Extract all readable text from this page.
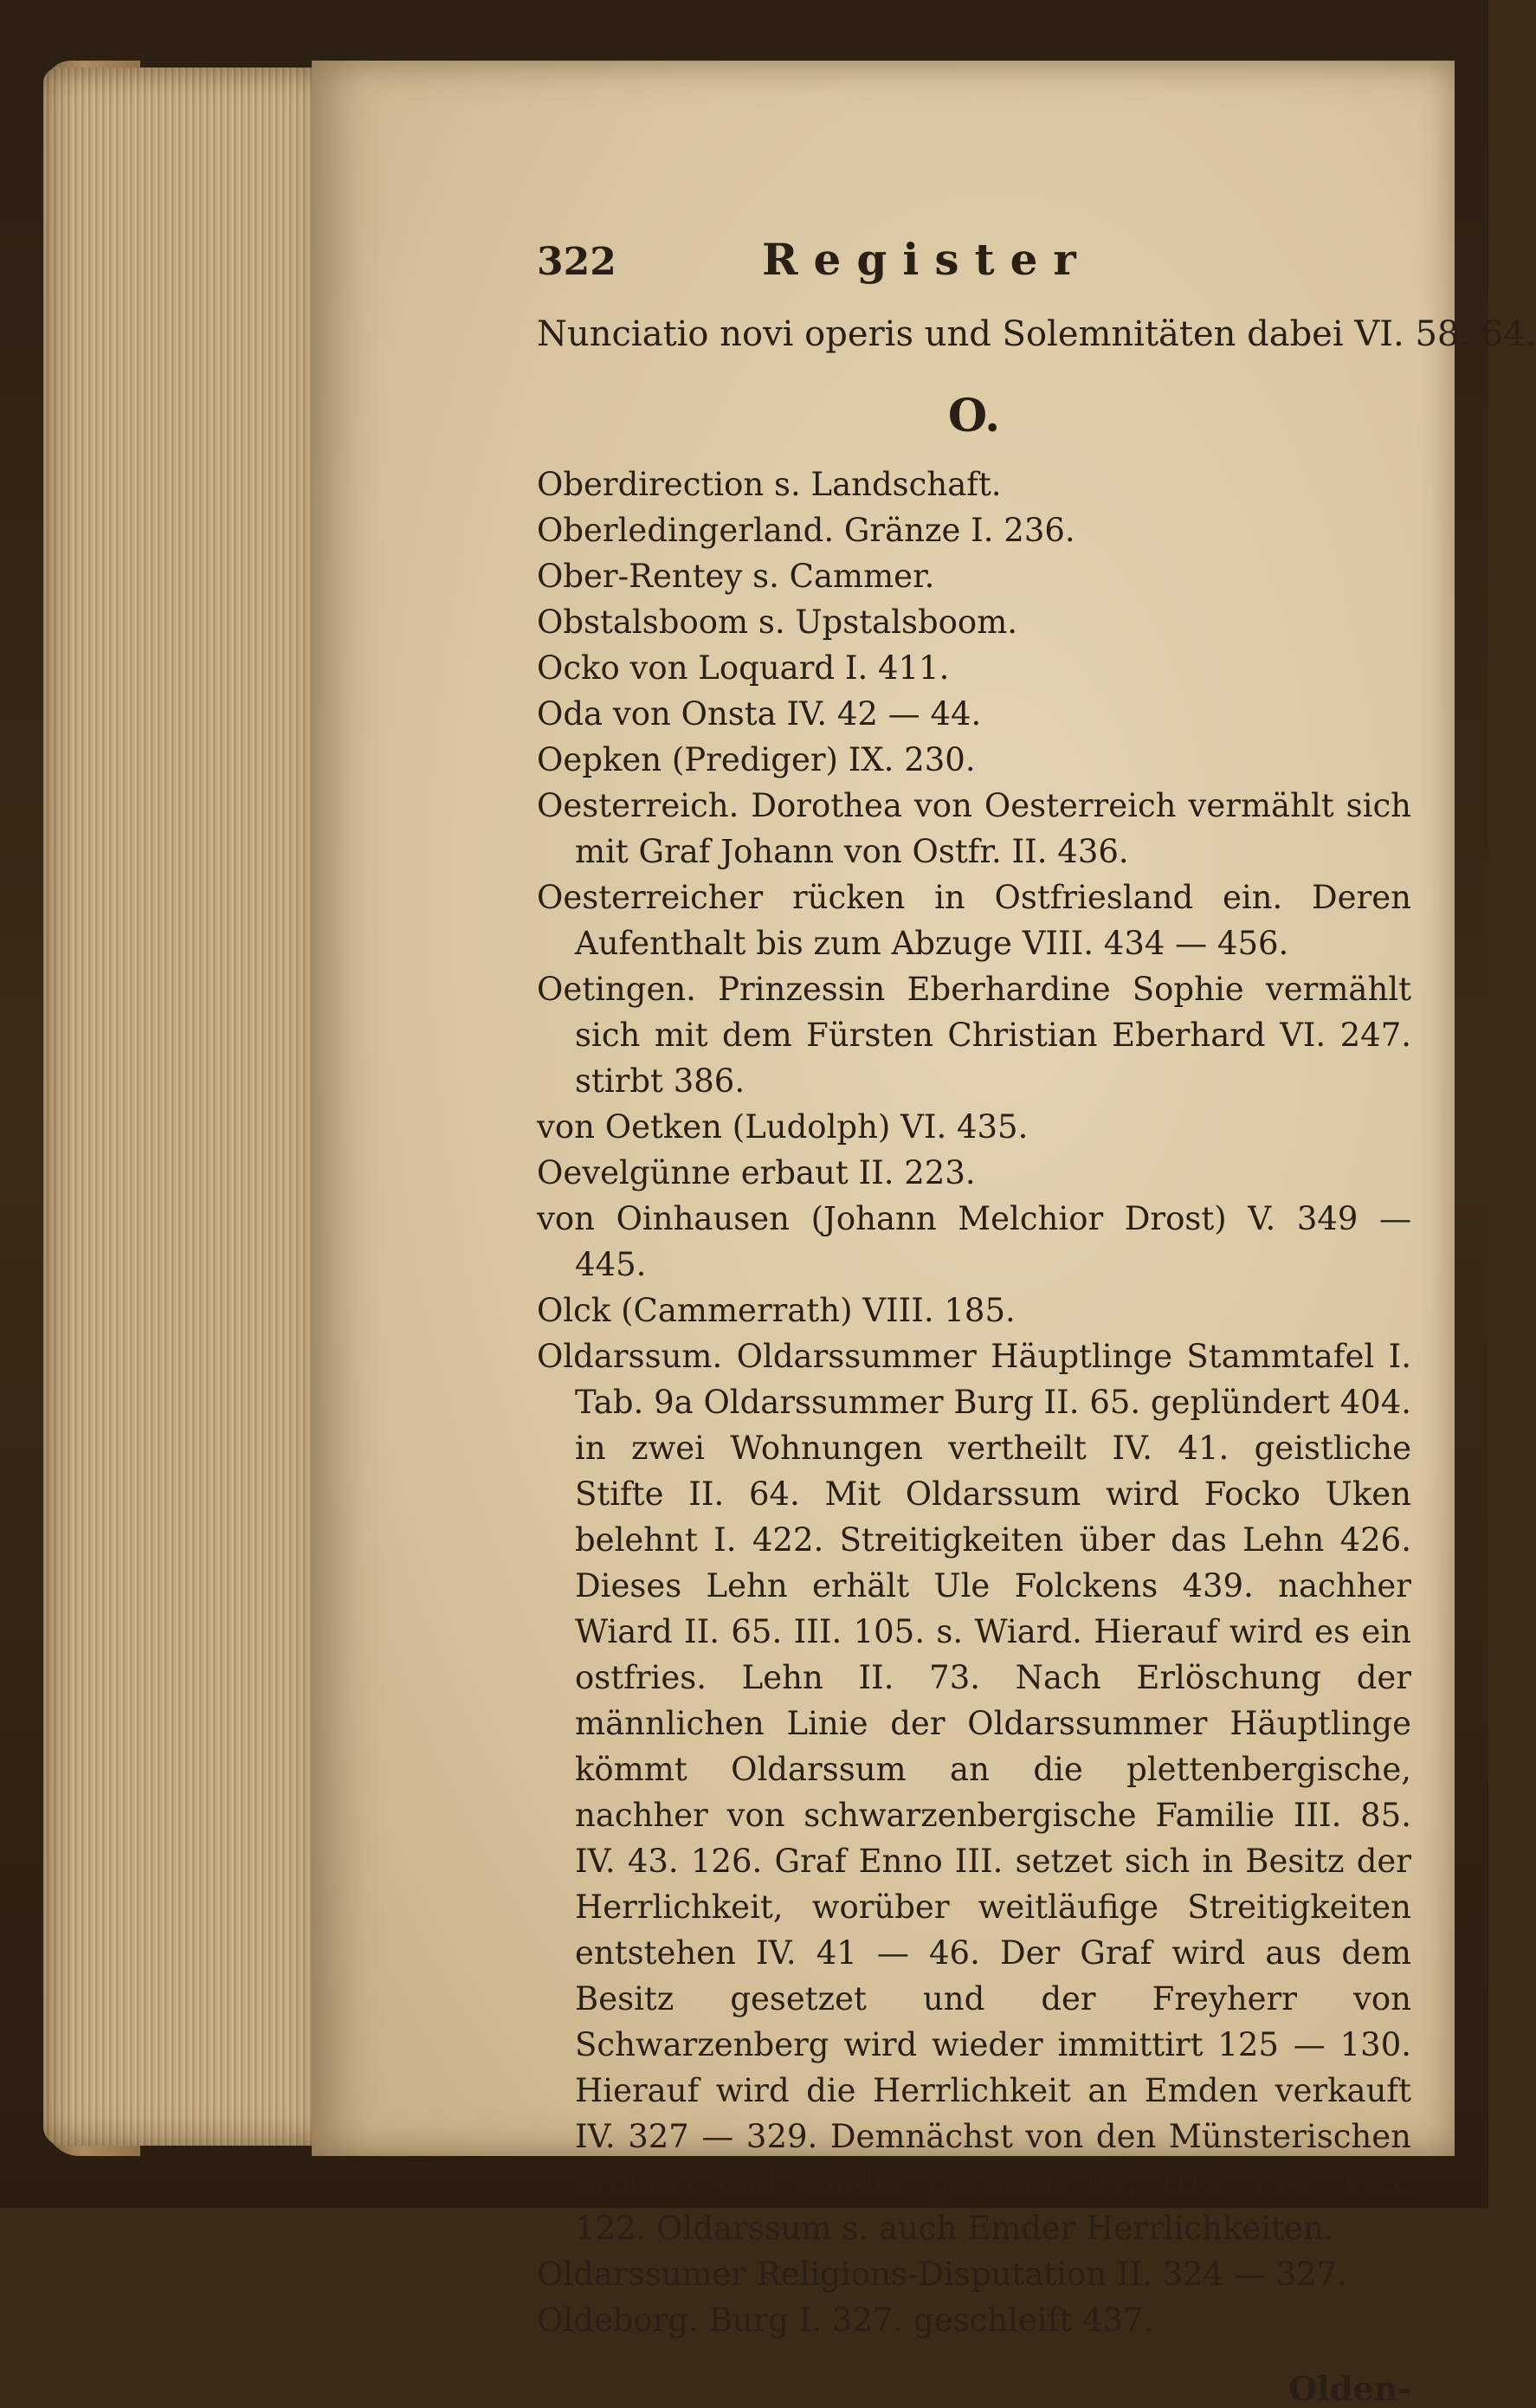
322	Register
Nunciatio novi operis und Solemnitäten dabei VI. 58. 64.
O.
Oberdirection s. Landschaft.
Oberledingerland. Gränze I. 236.
Ober-Rentey s. Cammer.
Obstalsboom s. Upstalsboom.
Ocko von Loquard I. 411.
Oda von Onsta IV. 42 — 44.
Oepken (Prediger) IX. 230.
Oesterreich. Dorothea von Oesterreich vermählt sich mit Graf Johann von Ostfr. II. 436.
Oesterreicher rücken in Ostfriesland ein. Deren Aufenthalt bis zum Abzuge VIII. 434 — 456.
Oetingen. Prinzessin Eberhardine Sophie vermählt sich mit dem Fürsten Christian Eberhard VI. 247. stirbt 386.
von Oetken (Ludolph) VI. 435.
Oevelgünne erbaut II. 223.
von Oinhausen (Johann Melchior Drost) V. 349 — 445.
Olck (Cammerrath) VIII. 185.
Oldarssum. Oldarssummer Häuptlinge Stammtafel I. Tab. 9a Oldarssummer Burg II. 65. geplündert 404. in zwei Wohnungen vertheilt IV. 41. geistliche Stifte II. 64. Mit Oldarssum wird Focko Uken belehnt I. 422. Streitigkeiten über das Lehn 426. Dieses Lehn erhält Ule Folckens 439. nachher Wiard II. 65. III. 105. s. Wiard. Hierauf wird es ein ostfries. Lehn II. 73. Nach Erlöschung der männlichen Linie der Oldarssummer Häuptlinge kömmt Oldarssum an die plettenbergische, nachher von schwarzenbergische Familie III. 85. IV. 43. 126. Graf Enno III. setzet sich in Besitz der Herrlichkeit, worüber weitläufige Streitigkeiten entstehen IV. 41 — 46. Der Graf wird aus dem Besitz gesetzet und der Freyherr von Schwarzenberg wird wieder immittirt 125 — 130. Hierauf wird die Herrlichkeit an Emden verkauft IV. 327 — 329. Demnächst von den Münsterischen erobert und wieder geräumt 97. 104. 114. 115. 122. Oldarssum s. auch Emder Herrlichkeiten.
Oldarssumer Religions-Disputation II. 324 — 327.
Oldeborg. Burg I. 327. geschleift 437.
Olden-
